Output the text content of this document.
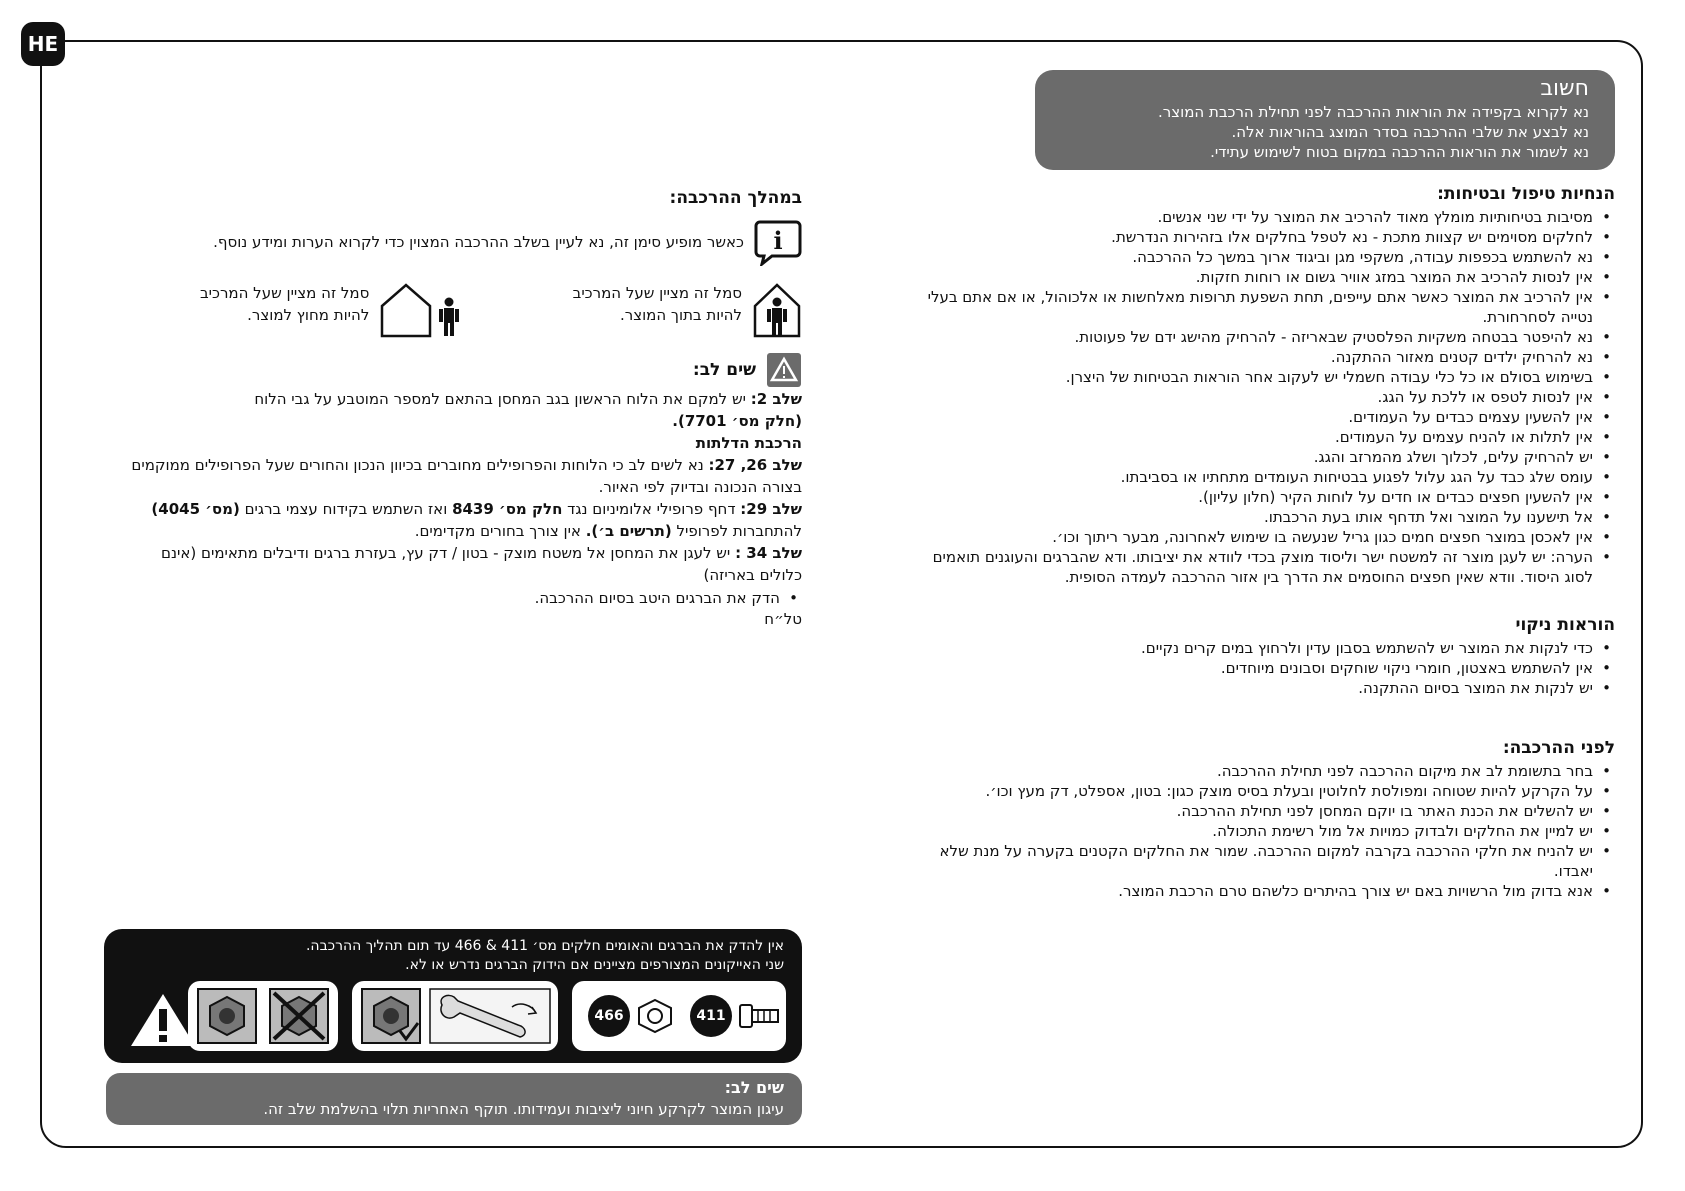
HE
חשוב
נא לקרוא בקפידה את הוראות ההרכבה לפני תחילת הרכבת המוצר.
נא לבצע את שלבי ההרכבה בסדר המוצג בהוראות אלה.
נא לשמור את הוראות ההרכבה במקום בטוח לשימוש עתידי.
הנחיות טיפול ובטיחות:
• מסיבות בטיחותיות מומלץ מאוד להרכיב את המוצר על ידי שני אנשים.
• לחלקים מסוימים יש קצוות מתכת - נא לטפל בחלקים אלו בזהירות הנדרשת.
• נא להשתמש בכפפות עבודה, משקפי מגן וביגוד ארוך במשך כל ההרכבה.
• אין לנסות להרכיב את המוצר במזג אוויר גשום או רוחות חזקות.
• אין להרכיב את המוצר כאשר אתם עייפים, תחת השפעת תרופות מאלחשות או אלכוהול, או אם אתם בעלי נטייה לסחרחורת.
• נא להיפטר בבטחה משקיות הפלסטיק שבאריזה - להרחיק מהישג ידם של פעוטות.
• נא להרחיק ילדים קטנים מאזור ההתקנה.
• בשימוש בסולם או כל כלי עבודה חשמלי יש לעקוב אחר הוראות הבטיחות של היצרן.
• אין לנסות לטפס או ללכת על הגג.
• אין להשעין עצמים כבדים על העמודים.
• אין לתלות או להניח עצמים על העמודים.
• יש להרחיק עלים, לכלוך ושלג מהמרזב והגג.
• עומס שלג כבד על הגג עלול לפגוע בבטיחות העומדים מתחתיו או בסביבתו.
• אין להשעין חפצים כבדים או חדים על לוחות הקיר (חלון עליון).
• אל תישענו על המוצר ואל תדחף אותו בעת הרכבתו.
• אין לאכסן במוצר חפצים חמים כגון גריל שנעשה בו שימוש לאחרונה, מבער ריתוך וכו׳.
• הערה: יש לעגן מוצר זה למשטח ישר וליסוד מוצק בכדי לוודא את יציבותו. ודא שהברגים והעוגנים תואמים לסוג היסוד. וודא שאין חפצים החוסמים את הדרך בין אזור ההרכבה לעמדה הסופית.
הוראות ניקוי
• כדי לנקות את המוצר יש להשתמש בסבון עדין ולרחוץ במים קרים נקיים.
• אין להשתמש באצטון, חומרי ניקוי שוחקים וסבונים מיוחדים.
• יש לנקות את המוצר בסיום ההתקנה.
לפני ההרכבה:
• בחר בתשומת לב את מיקום ההרכבה לפני תחילת ההרכבה.
• על הקרקע להיות שטוחה ומפולסת לחלוטין ובעלת בסיס מוצק כגון: בטון, אספלט, דק מעץ וכו׳.
• יש להשלים את הכנת האתר בו יוקם המחסן לפני תחילת ההרכבה.
• יש למיין את החלקים ולבדוק כמויות אל מול רשימת התכולה.
• יש להניח את חלקי ההרכבה בקרבה למקום ההרכבה. שמור את החלקים הקטנים בקערה על מנת שלא יאבדו.
• אנא בדוק מול הרשויות באם יש צורך בהיתרים כלשהם טרם הרכבת המוצר.
במהלך ההרכבה:
i
כאשר מופיע סימן זה, נא לעיין בשלב ההרכבה המצוין כדי לקרוא הערות ומידע נוסף.
סמל זה מציין שעל המרכיב
להיות בתוך המוצר.
סמל זה מציין שעל המרכיב
להיות מחוץ למוצר.
שים לב:

שלב 2: יש למקם את הלוח הראשון בגב המחסן בהתאם למספר המוטבע על גבי הלוח

(חלק מס׳ 7701).

הרכבת הדלתות

שלב 26, 27: נא לשים לב כי הלוחות והפרופילים מחוברים בכיוון הנכון והחורים שעל הפרופילים ממוקמים בצורה הנכונה ובדיוק לפי האיור.

שלב 29: דחף פרופילי אלומיניום נגד חלק מס׳ 8439 ואז השתמש בקידוח עצמי ברגים (מס׳ 4045) להתחברות לפרופיל (תרשים ב׳). אין צורך בחורים מקדימים.

שלב 34 : יש לעגן את המחסן אל משטח מוצק - בטון / דק עץ, בעזרת ברגים ודיבלים מתאימים (אינם כלולים באריזה)

• הדק את הברגים היטב בסיום ההרכבה.
טל״ח
אין להדק את הברגים והאומים חלקים מס׳ 411 & 466 עד תום תהליך ההרכבה.
שני האייקונים המצורפים מציינים אם הידוק הברגים נדרש או לא.
466	411
שים לב:
עיגון המוצר לקרקע חיוני ליציבות ועמידותו. תוקף האחריות תלוי בהשלמת שלב זה.
